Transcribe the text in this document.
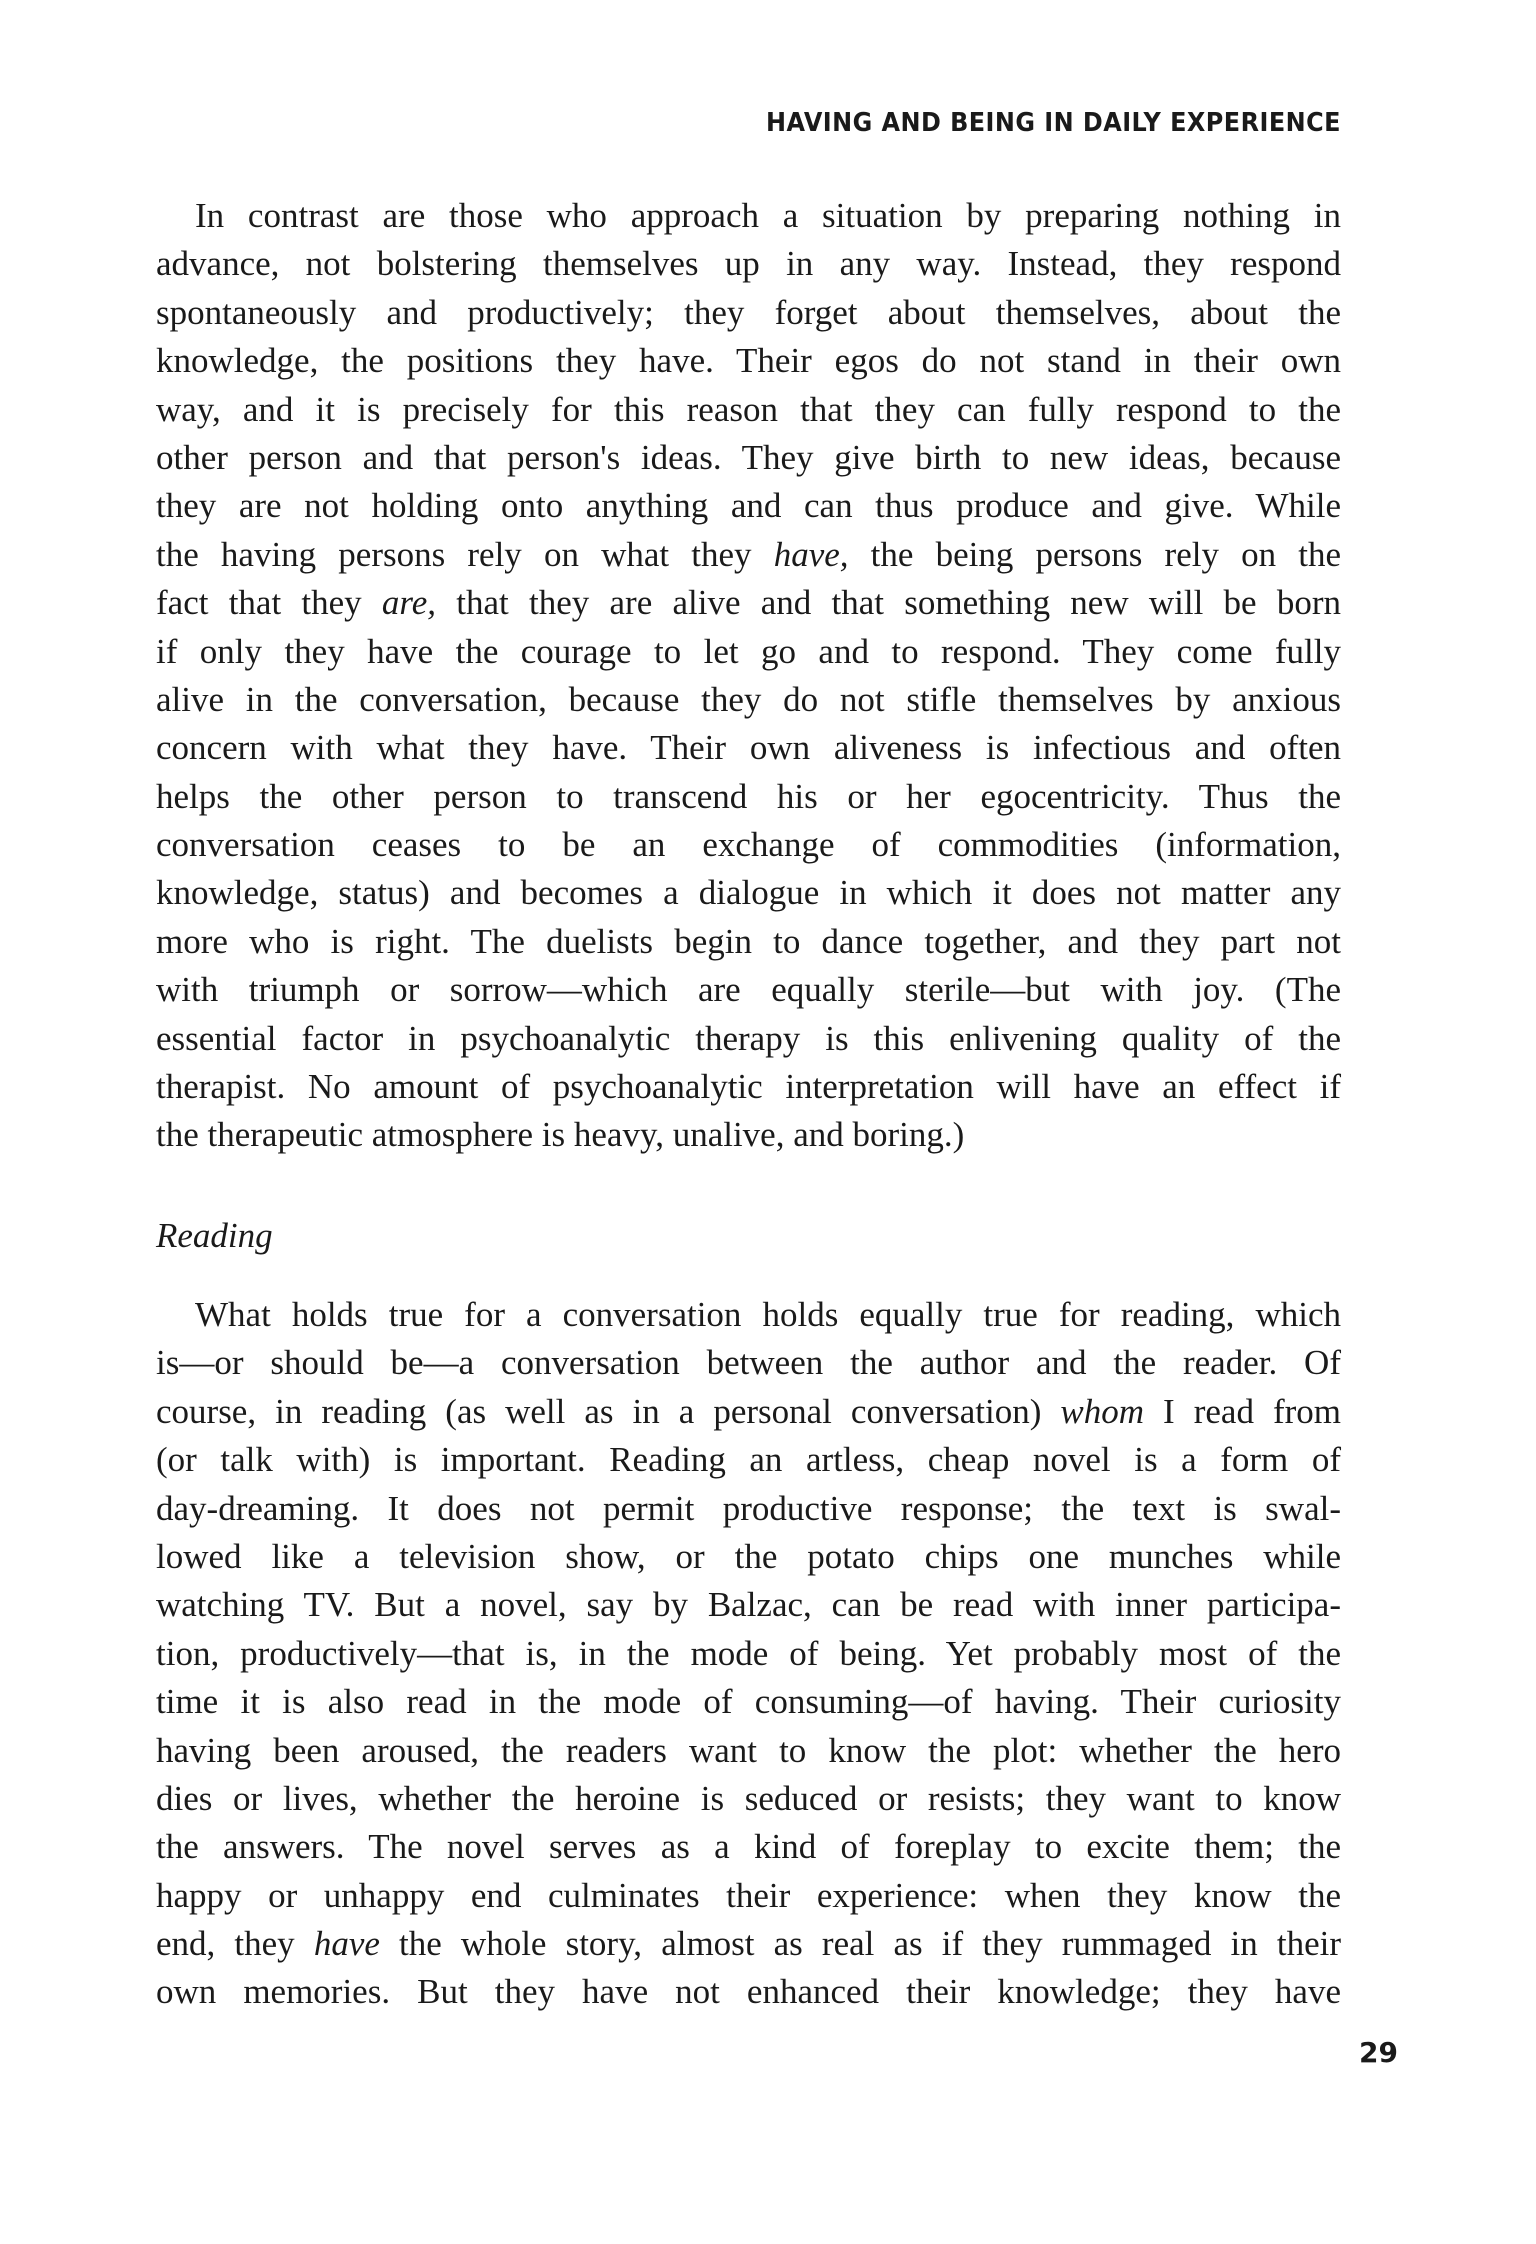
HAVING AND BEING IN DAILY EXPERIENCE
In contrast are those who approach a situation by preparing nothing in
advance, not bolstering themselves up in any way. Instead, they respond
spontaneously and productively; they forget about themselves, about the
knowledge, the positions they have. Their egos do not stand in their own
way, and it is precisely for this reason that they can fully respond to the
other person and that person's ideas. They give birth to new ideas, because
they are not holding onto anything and can thus produce and give. While
the having persons rely on what they have, the being persons rely on the
fact that they are, that they are alive and that something new will be born
if only they have the courage to let go and to respond. They come fully
alive in the conversation, because they do not stifle themselves by anxious
concern with what they have. Their own aliveness is infectious and often
helps the other person to transcend his or her egocentricity. Thus the
conversation ceases to be an exchange of commodities (information,
knowledge, status) and becomes a dialogue in which it does not matter any
more who is right. The duelists begin to dance together, and they part not
with triumph or sorrow—which are equally sterile—but with joy. (The
essential factor in psychoanalytic therapy is this enlivening quality of the
therapist. No amount of psychoanalytic interpretation will have an effect if
the therapeutic atmosphere is heavy, unalive, and boring.)
Reading
What holds true for a conversation holds equally true for reading, which
is—or should be—a conversation between the author and the reader. Of
course, in reading (as well as in a personal conversation) whom I read from
(or talk with) is important. Reading an artless, cheap novel is a form of
day-dreaming. It does not permit productive response; the text is swal-
lowed like a television show, or the potato chips one munches while
watching TV. But a novel, say by Balzac, can be read with inner participa-
tion, productively—that is, in the mode of being. Yet probably most of the
time it is also read in the mode of consuming—of having. Their curiosity
having been aroused, the readers want to know the plot: whether the hero
dies or lives, whether the heroine is seduced or resists; they want to know
the answers. The novel serves as a kind of foreplay to excite them; the
happy or unhappy end culminates their experience: when they know the
end, they have the whole story, almost as real as if they rummaged in their
own memories. But they have not enhanced their knowledge; they have
29
